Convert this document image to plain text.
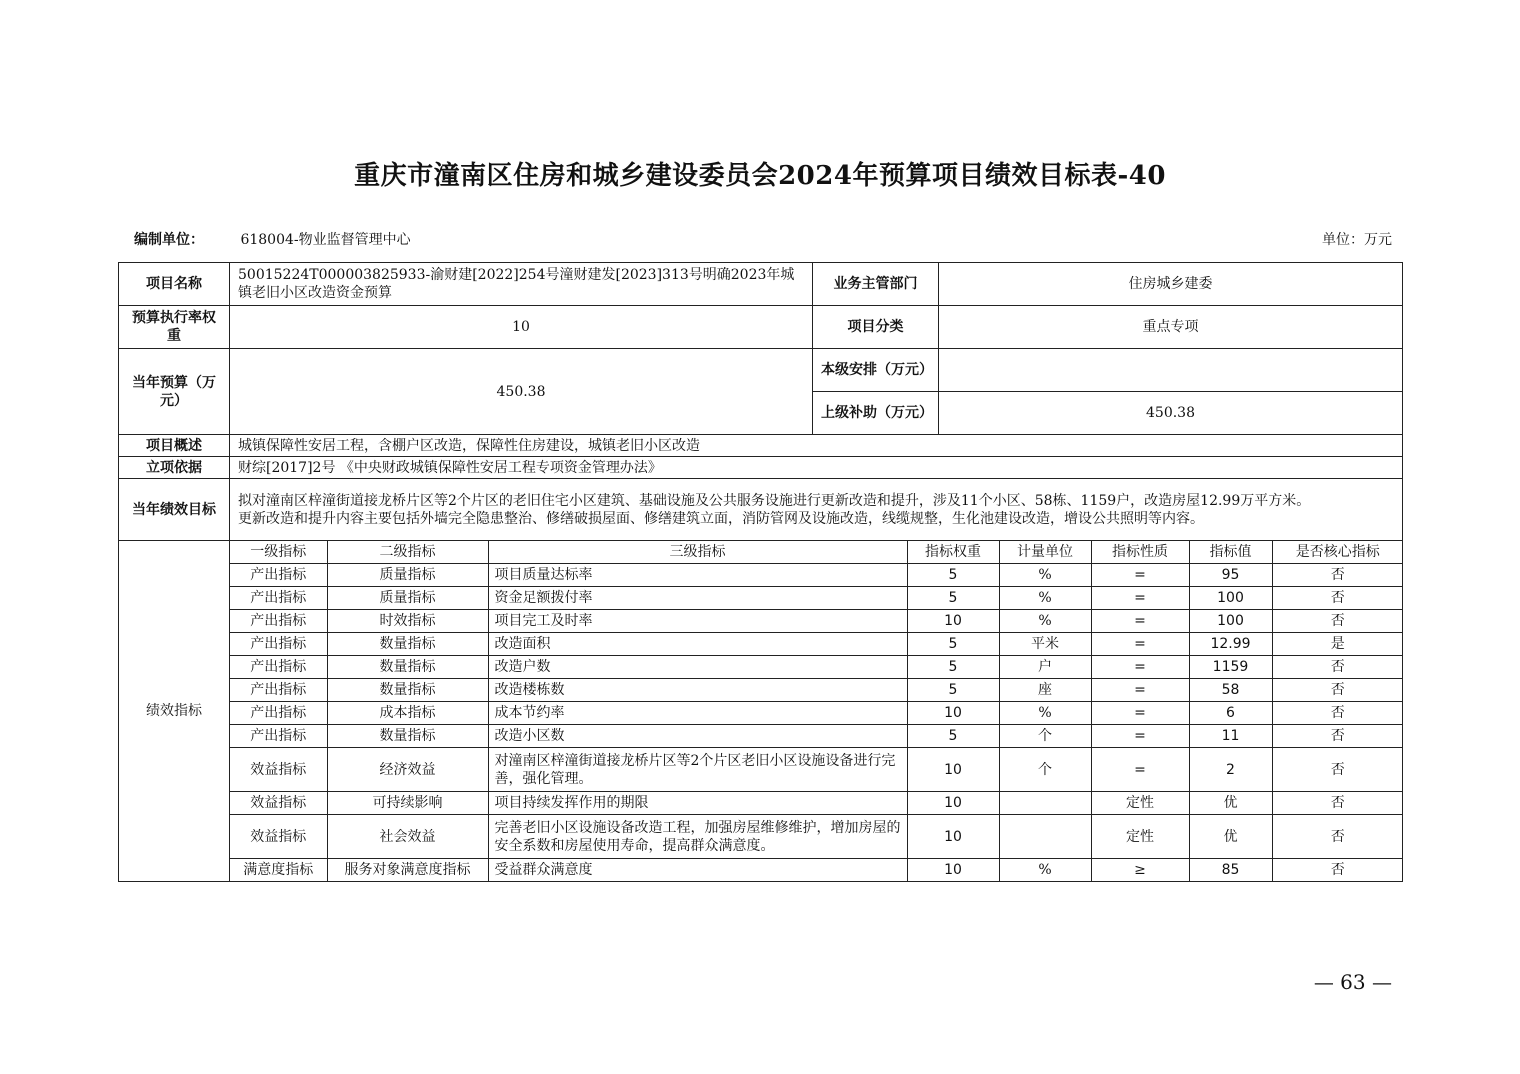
重庆市潼南区住房和城乡建设委员会2024年预算项目绩效目标表-40
编制单位：	618004-物业监督管理中心	单位：万元
项目名称	50015224T000003825933-渝财建[2022]254号潼财建发[2023]313号明确2023年城镇老旧小区改造资金预算	业务主管部门	住房城乡建委
预算执行率权重	10	项目分类	重点专项
当年预算（万元）	450.38	本级安排（万元）	
上级补助（万元）	450.38
项目概述	城镇保障性安居工程，含棚户区改造，保障性住房建设，城镇老旧小区改造
立项依据	财综[2017]2号 《中央财政城镇保障性安居工程专项资金管理办法》
当年绩效目标	
拟对潼南区梓潼街道接龙桥片区等2个片区的老旧住宅小区建筑、基础设施及公共服务设施进行更新改造和提升，涉及11个小区、58栋、1159户，改造房屋12.99万平方米。
更新改造和提升内容主要包括外墙完全隐患整治、修缮破损屋面、修缮建筑立面，消防管网及设施改造，线缆规整，生化池建设改造，增设公共照明等内容。

绩效指标	
一级指标	二级指标	三级指标	指标权重	计量单位	指标性质	指标值	是否核心指标
产出指标	质量指标	项目质量达标率	5	%	=	95	否
产出指标	质量指标	资金足额拨付率	5	%	=	100	否
产出指标	时效指标	项目完工及时率	10	%	=	100	否
产出指标	数量指标	改造面积	5	平米	=	12.99	是
产出指标	数量指标	改造户数	5	户	=	1159	否
产出指标	数量指标	改造楼栋数	5	座	=	58	否
产出指标	成本指标	成本节约率	10	%	=	6	否
产出指标	数量指标	改造小区数	5	个	=	11	否
效益指标	经济效益	对潼南区梓潼街道接龙桥片区等2个片区老旧小区设施设备进行完善，强化管理。	10	个	=	2	否
效益指标	可持续影响	项目持续发挥作用的期限	10		定性	优	否
效益指标	社会效益	完善老旧小区设施设备改造工程，加强房屋维修维护，增加房屋的安全系数和房屋使用寿命，提高群众满意度。	10		定性	优	否
满意度指标	服务对象满意度指标	受益群众满意度	10	%	≥	85	否
— 63 —
